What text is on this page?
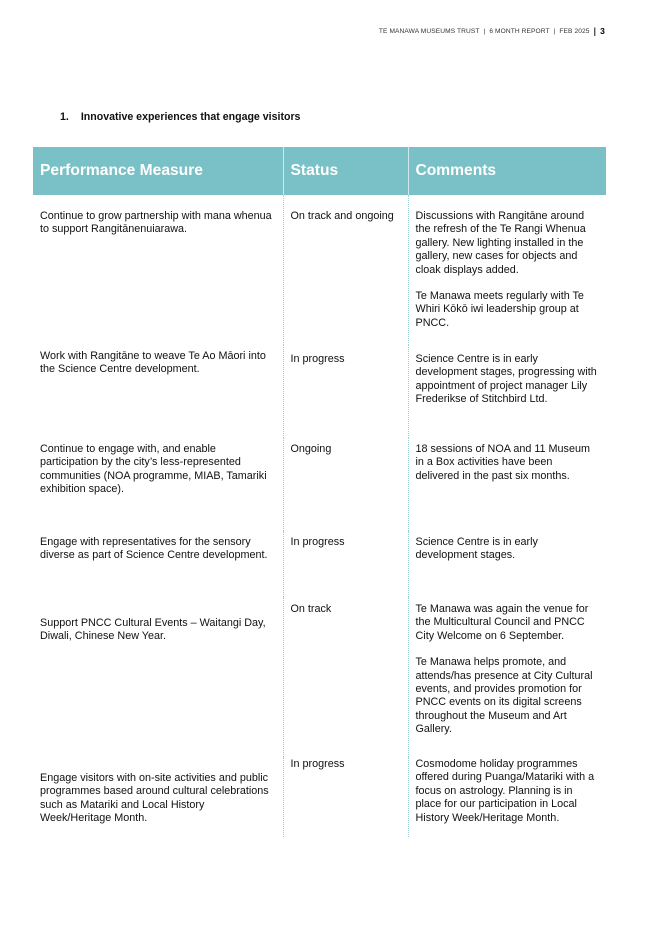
TE MANAWA MUSEUMS TRUST | 6 MONTH REPORT | FEB 2025 | 3
1. Innovative experiences that engage visitors
Performance Measure	Status	Comments
Continue to grow partnership with mana whenua to support Rangitānenuiarawa.	On track and ongoing	Discussions with Rangitāne around the refresh of the Te Rangi Whenua gallery. New lighting installed in the gallery, new cases for objects and cloak displays added.

Te Manawa meets regularly with Te Whiri Kōkō iwi leadership group at PNCC.

Work with Rangitāne to weave Te Ao Māori into the Science Centre development.	In progress	Science Centre is in early development stages, progressing with appointment of project manager Lily Frederikse of Stitchbird Ltd.

Continue to engage with, and enable participation by the city’s less-represented communities (NOA programme, MIAB, Tamariki exhibition space).	Ongoing	18 sessions of NOA and 11 Museum in a Box activities have been delivered in the past six months.

Engage with representatives for the sensory diverse as part of Science Centre development.	In progress	Science Centre is in early development stages.

Support PNCC Cultural Events – Waitangi Day, Diwali, Chinese New Year.	On track	Te Manawa was again the venue for the Multicultural Council and PNCC City Welcome on 6 September.

Te Manawa helps promote, and attends/has presence at City Cultural events, and provides promotion for PNCC events on its digital screens throughout the Museum and Art Gallery.

Engage visitors with on-site activities and public programmes based around cultural celebrations such as Matariki and Local History Week/Heritage Month.	In progress	Cosmodome holiday programmes offered during Puanga/Matariki with a focus on astrology. Planning is in place for our participation in Local History Week/Heritage Month.
